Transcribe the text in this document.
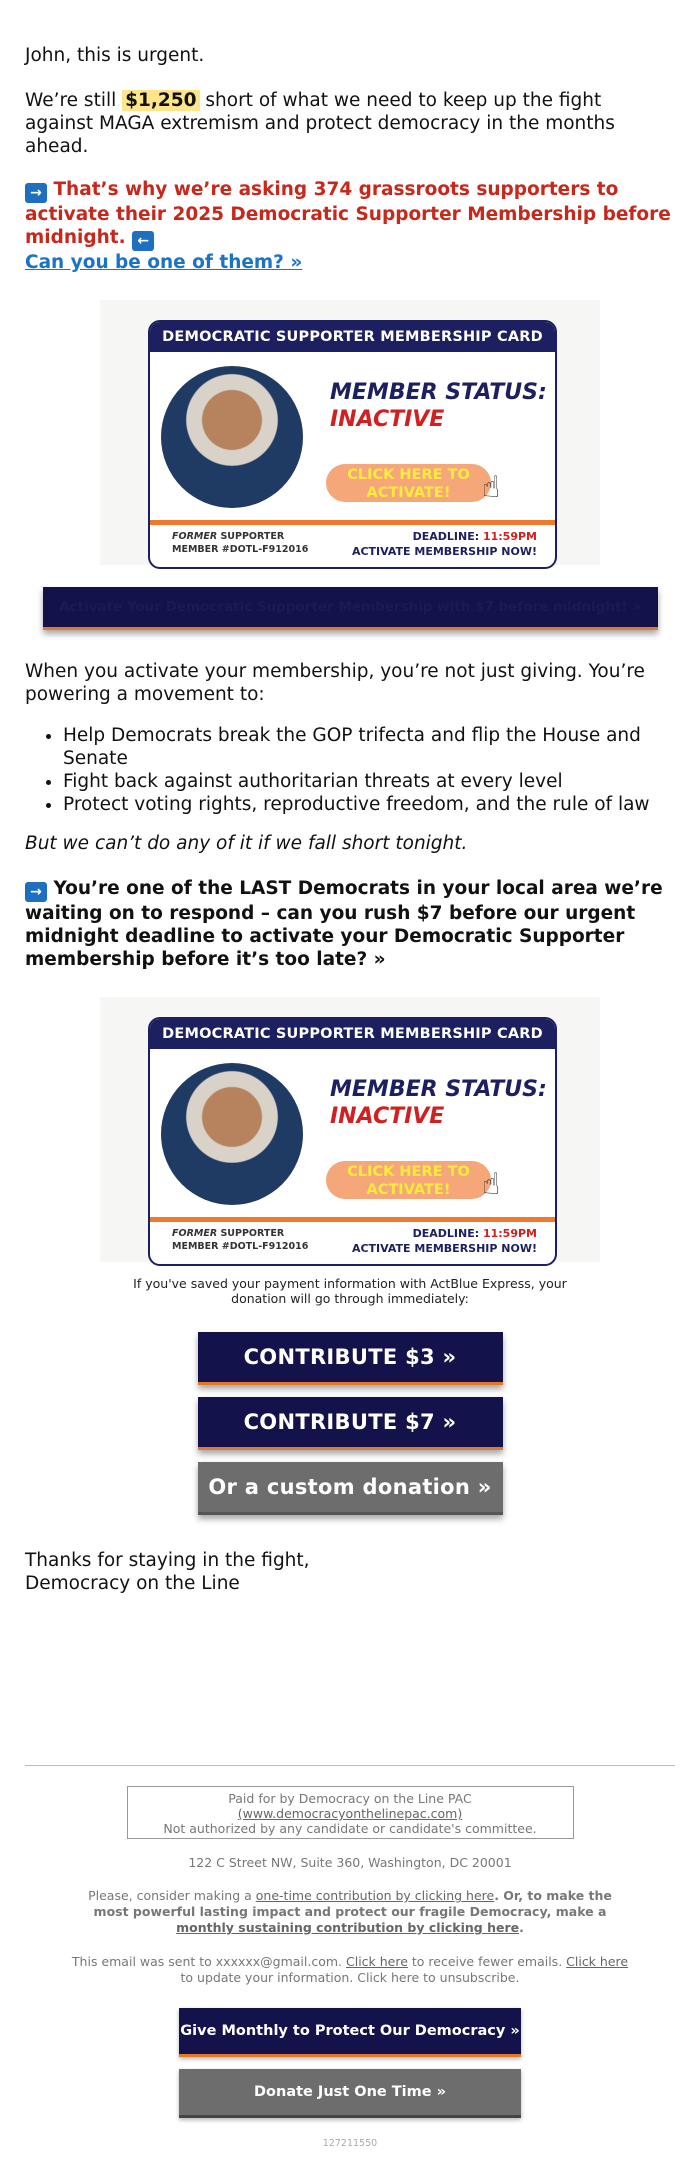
John, this is urgent.

We’re still $1,250 short of what we need to keep up the fight against MAGA extremism and protect democracy in the months ahead.

→ That’s why we’re asking 374 grassroots supporters to activate their 2025 Democratic Supporter Membership before midnight. ←

Can you be one of them? »

DEMOCRATIC SUPPORTER MEMBERSHIP CARD
MEMBER STATUS:
INACTIVE
CLICK HERE TO ACTIVATE!	☝
FORMER SUPPORTER
MEMBER #DOTL-F912016
DEADLINE: 11:59PM
ACTIVATE MEMBERSHIP NOW!
Activate Your Democratic Supporter Membership with $7 before midnight! »

When you activate your membership, you’re not just giving. You’re powering a movement to:

• Help Democrats break the GOP trifecta and flip the House and Senate
• Fight back against authoritarian threats at every level
• Protect voting rights, reproductive freedom, and the rule of law

But we can’t do any of it if we fall short tonight.

→ You’re one of the LAST Democrats in your local area we’re waiting on to respond – can you rush $7 before our urgent midnight deadline to activate your Democratic Supporter membership before it’s too late? »

DEMOCRATIC SUPPORTER MEMBERSHIP CARD
MEMBER STATUS:
INACTIVE
CLICK HERE TO ACTIVATE!	☝
FORMER SUPPORTER
MEMBER #DOTL-F912016
DEADLINE: 11:59PM
ACTIVATE MEMBERSHIP NOW!
If you've saved your payment information with ActBlue Express, your donation will go through immediately:
CONTRIBUTE $3 »
CONTRIBUTE $7 »
Or a custom donation »

Thanks for staying in the fight,

Democracy on the Line

Paid for by Democracy on the Line PAC
(www.democracyonthelinepac.com)
Not authorized by any candidate or candidate's committee.
122 C Street NW, Suite 360, Washington, DC 20001
Please, consider making a one-time contribution by clicking here. Or, to make the most powerful lasting impact and protect our fragile Democracy, make a monthly sustaining contribution by clicking here.
This email was sent to xxxxxx@gmail.com. Click here to receive fewer emails. Click here to update your information. Click here to unsubscribe.
Give Monthly to Protect Our Democracy »
Donate Just One Time »
127211550
